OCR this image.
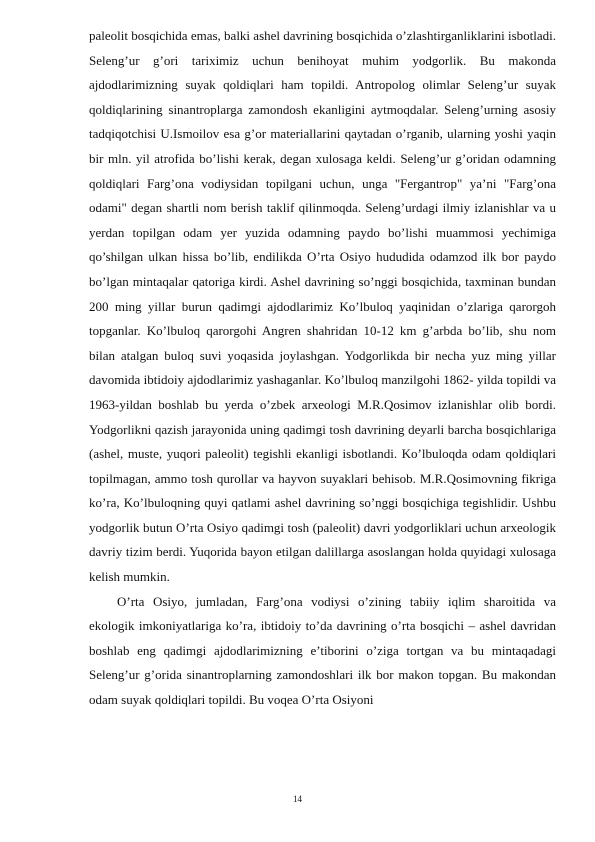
paleolit bosqichida emas, balki ashel davrining bosqichida o’zlashtirganliklarini isbotladi. Seleng’ur g’ori tariximiz uchun benihoyat muhim yodgorlik. Bu makonda ajdodlarimizning suyak qoldiqlari ham topildi. Antropolog olimlar Seleng’ur suyak qoldiqlarining sinantroplarga zamondosh ekanligini aytmoqdalar. Seleng’urning asosiy tadqiqotchisi U.Ismoilov esa g’or materiallarini qaytadan o’rganib, ularning yoshi yaqin bir mln. yil atrofida bo’lishi kerak, degan xulosaga keldi. Seleng’ur g’oridan odamning qoldiqlari Farg’ona vodiysidan topilgani uchun, unga "Fergantrop" ya’ni "Farg’ona odami" degan shartli nom berish taklif qilinmoqda. Seleng’urdagi ilmiy izlanishlar va u yerdan topilgan odam yer yuzida odamning paydo bo’lishi muammosi yechimiga qo’shilgan ulkan hissa bo’lib, endilikda O’rta Osiyo hududida odamzod ilk bor paydo bo’lgan mintaqalar qatoriga kirdi. Ashel davrining so’nggi bosqichida, taxminan bundan 200 ming yillar burun qadimgi ajdodlarimiz Ko’lbuloq yaqinidan o’zlariga qarorgoh topganlar. Ko’lbuloq qarorgohi Angren shahridan 10-12 km g’arbda bo’lib, shu nom bilan atalgan buloq suvi yoqasida joylashgan. Yodgorlikda bir necha yuz ming yillar davomida ibtidoiy ajdodlarimiz yashaganlar. Ko’lbuloq manzilgohi 1862- yilda topildi va 1963-yildan boshlab bu yerda o’zbek arxeologi M.R.Qosimov izlanishlar olib bordi. Yodgorlikni qazish jarayonida uning qadimgi tosh davrining deyarli barcha bosqichlariga (ashel, muste, yuqori paleolit) tegishli ekanligi isbotlandi. Ko’lbuloqda odam qoldiqlari topilmagan, ammo tosh qurollar va hayvon suyaklari behisob. M.R.Qosimovning fikriga ko’ra, Ko’lbuloqning quyi qatlami ashel davrining so’nggi bosqichiga tegishlidir. Ushbu yodgorlik butun O’rta Osiyo qadimgi tosh (paleolit) davri yodgorliklari uchun arxeologik davriy tizim berdi. Yuqorida bayon etilgan dalillarga asoslangan holda quyidagi xulosaga kelish mumkin.

O’rta Osiyo, jumladan, Farg’ona vodiysi o’zining tabiiy iqlim sharoitida va ekologik imkoniyatlariga ko’ra, ibtidoiy to’da davrining o’rta bosqichi – ashel davridan boshlab eng qadimgi ajdodlarimizning e’tiborini o’ziga tortgan va bu mintaqadagi Seleng’ur g’orida sinantroplarning zamondoshlari ilk bor makon topgan. Bu makondan odam suyak qoldiqlari topildi. Bu voqea O’rta Osiyoni

14
